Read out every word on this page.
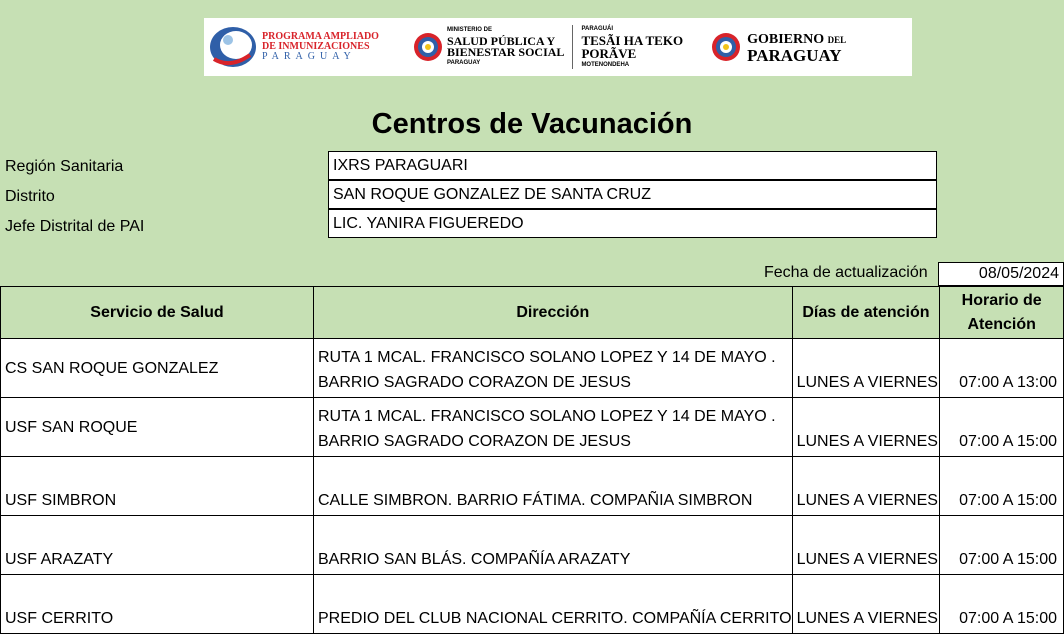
PROGRAMA AMPLIADO
DE INMUNIZACIONES
PARAGUAY
MINISTERIO DE
SALUD PÚBLICA Y
BIENESTAR SOCIAL
PARAGUAY
PARAGUÁI
TESÃI HA TEKO
PORÃVE
MOTENONDEHA
GOBIERNO DEL
PARAGUAY
Centros de Vacunación
Región Sanitaria	IXRS PARAGUARI
Distrito	SAN ROQUE GONZALEZ DE SANTA CRUZ
Jefe Distrital de PAI	LIC. YANIRA FIGUEREDO
Fecha de actualización	08/05/2024
Servicio de Salud	Dirección	Días de atención	Horario de Atención
CS SAN ROQUE GONZALEZ	RUTA 1 MCAL. FRANCISCO SOLANO LOPEZ Y 14 DE MAYO . BARRIO SAGRADO CORAZON DE JESUS	LUNES A VIERNES	07:00 A 13:00
USF SAN ROQUE	RUTA 1 MCAL. FRANCISCO SOLANO LOPEZ Y 14 DE MAYO . BARRIO SAGRADO CORAZON DE JESUS	LUNES A VIERNES	07:00 A 15:00
USF SIMBRON	CALLE SIMBRON. BARRIO FÁTIMA. COMPAÑIA SIMBRON	LUNES A VIERNES	07:00 A 15:00
USF ARAZATY	BARRIO SAN BLÁS. COMPAÑÍA ARAZATY	LUNES A VIERNES	07:00 A 15:00
USF CERRITO	PREDIO DEL CLUB NACIONAL CERRITO. COMPAÑÍA CERRITO	LUNES A VIERNES	07:00 A 15:00
